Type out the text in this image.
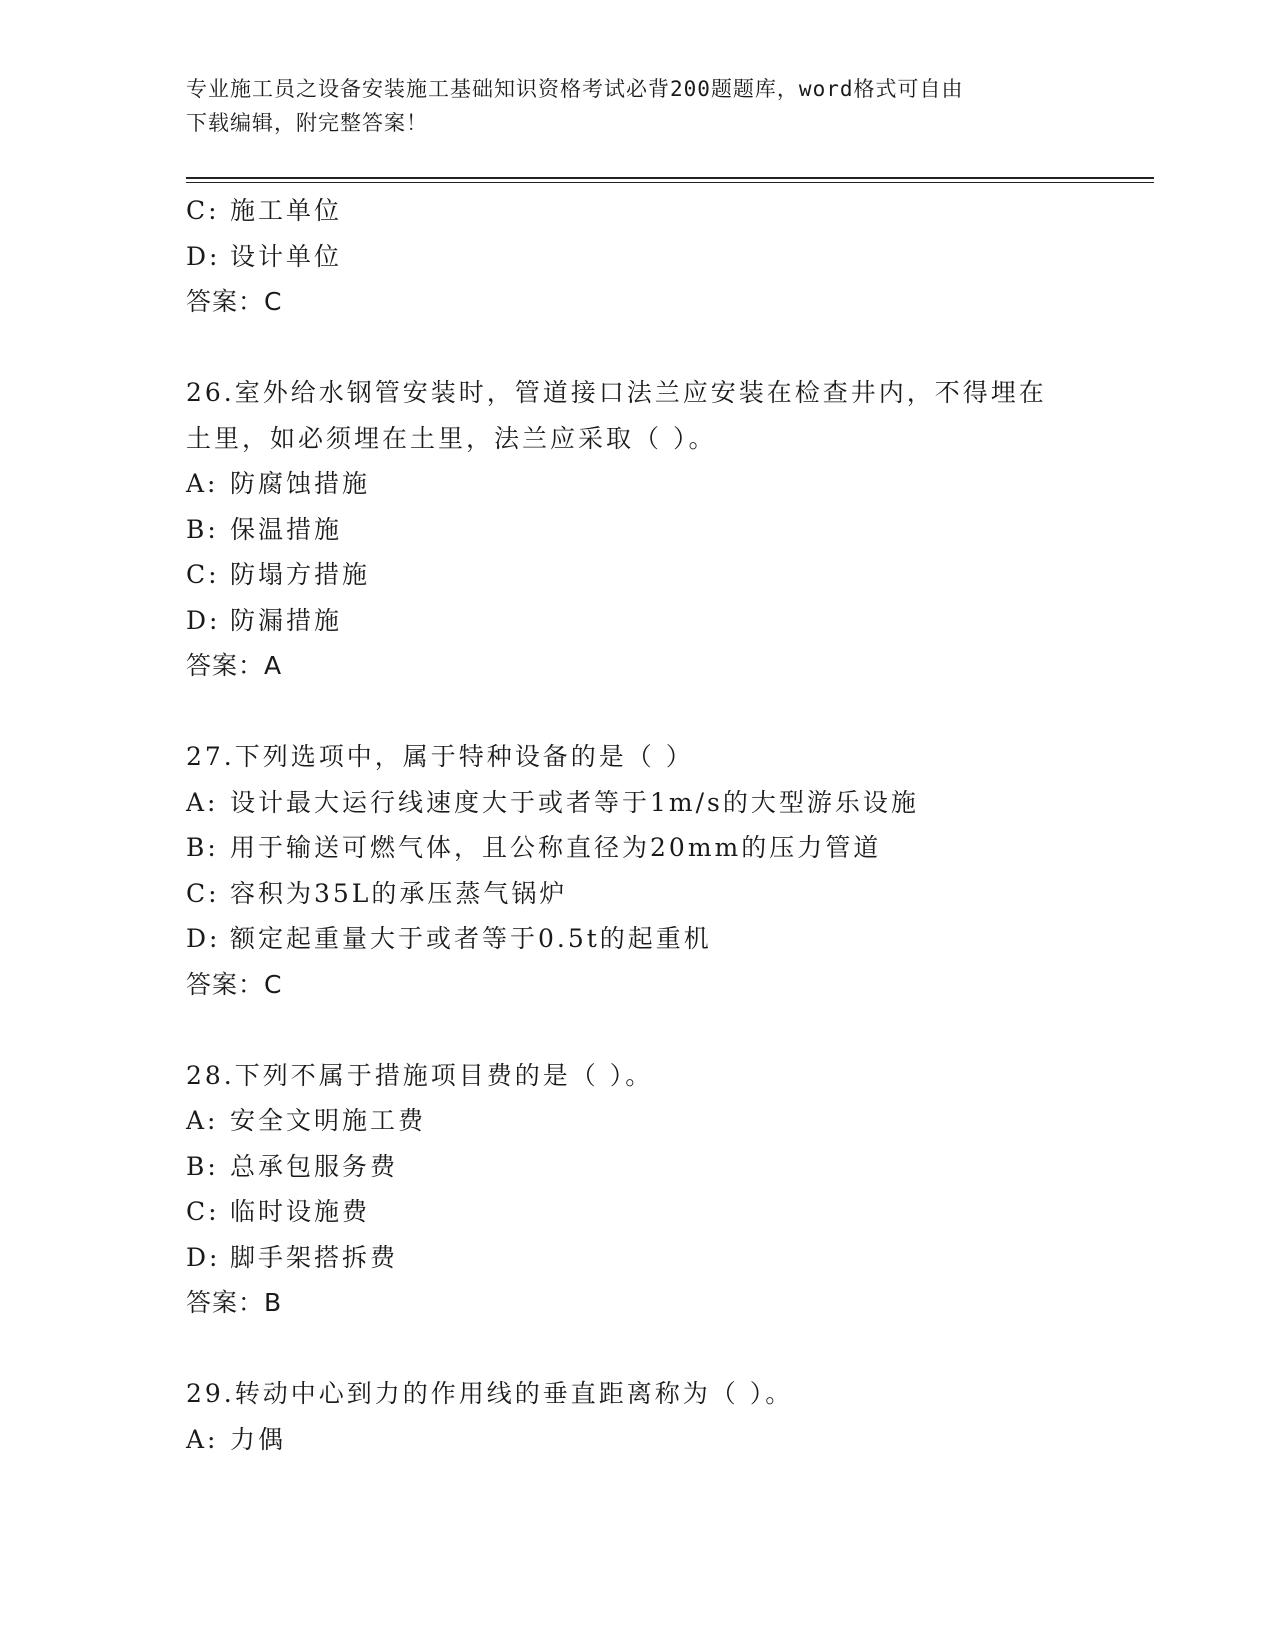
专业施工员之设备安装施工基础知识资格考试必背200题题库，word格式可自由
下载编辑，附完整答案！
C: 施工单位
D: 设计单位
答案：C
26.室外给水钢管安装时，管道接口法兰应安装在检查井内，不得埋在
土里，如必须埋在土里，法兰应采取（ ）。
A: 防腐蚀措施
B: 保温措施
C: 防塌方措施
D: 防漏措施
答案：A
27.下列选项中，属于特种设备的是（ ）
A: 设计最大运行线速度大于或者等于1m/s的大型游乐设施
B: 用于输送可燃气体，且公称直径为20mm的压力管道
C: 容积为35L的承压蒸气锅炉
D: 额定起重量大于或者等于0.5t的起重机
答案：C
28.下列不属于措施项目费的是（ ）。
A: 安全文明施工费
B: 总承包服务费
C: 临时设施费
D: 脚手架搭拆费
答案：B
29.转动中心到力的作用线的垂直距离称为（ ）。
A: 力偶
